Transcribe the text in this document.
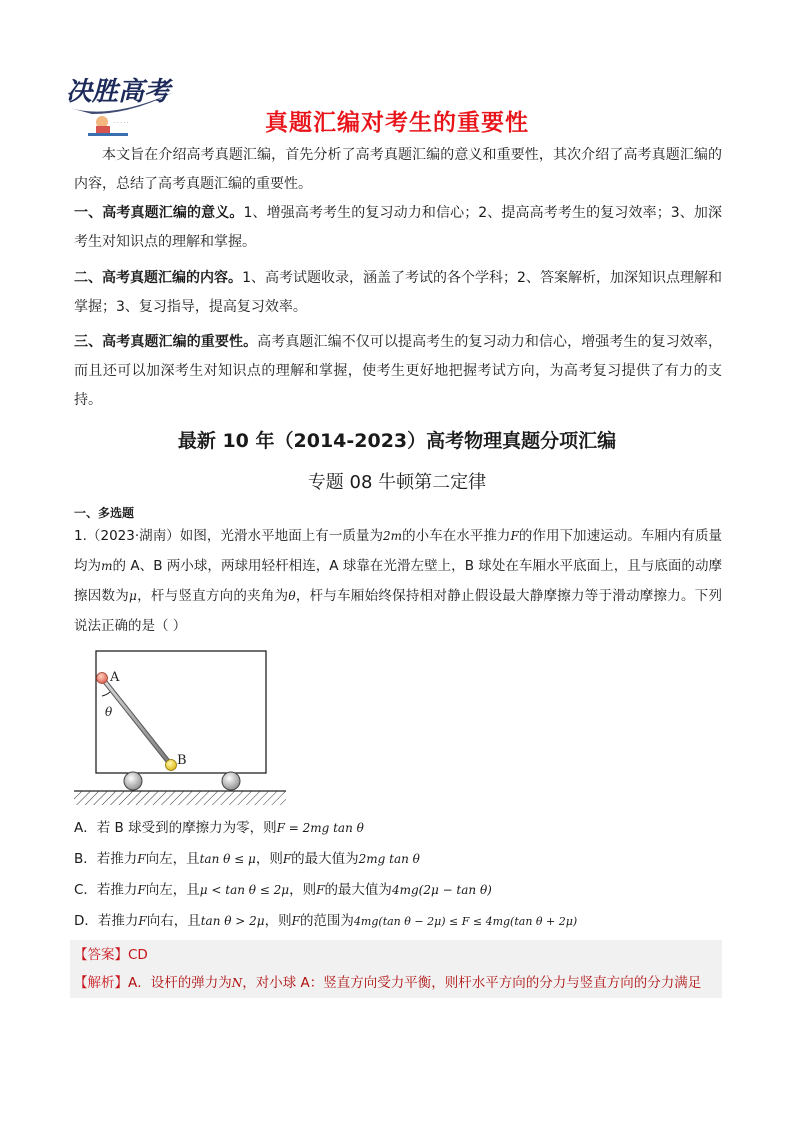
决胜高考
· · · · ·	真题汇编对考生的重要性
本文旨在介绍高考真题汇编，首先分析了高考真题汇编的意义和重要性，其次介绍了高考真题汇编的内容，总结了高考真题汇编的重要性。
一、高考真题汇编的意义。1、增强高考考生的复习动力和信心；2、提高高考考生的复习效率；3、加深考生对知识点的理解和掌握。
二、高考真题汇编的内容。1、高考试题收录，涵盖了考试的各个学科；2、答案解析，加深知识点理解和掌握；3、复习指导，提高复习效率。
三、高考真题汇编的重要性。高考真题汇编不仅可以提高考生的复习动力和信心，增强考生的复习效率，而且还可以加深考生对知识点的理解和掌握，使考生更好地把握考试方向，为高考复习提供了有力的支持。
最新 10 年（2014-2023）高考物理真题分项汇编
专题 08 牛顿第二定律
一、多选题
1.（2023·湖南）如图，光滑水平地面上有一质量为2m的小车在水平推力F的作用下加速运动。车厢内有质量均为m的 A、B 两小球，两球用轻杆相连，A 球靠在光滑左壁上，B 球处在车厢水平底面上，且与底面的动摩擦因数为μ，杆与竖直方向的夹角为θ，杆与车厢始终保持相对静止假设最大静摩擦力等于滑动摩擦力。下列说法正确的是（ ）
A
B
θ
A．若 B 球受到的摩擦力为零，则F = 2mg tan θ
B．若推力F向左，且tan θ ≤ μ，则F的最大值为2mg tan θ
C．若推力F向左，且μ < tan θ ≤ 2μ，则F的最大值为4mg(2μ − tan θ)
D．若推力F向右，且tan θ > 2μ，则F的范围为4mg(tan θ − 2μ) ≤ F ≤ 4mg(tan θ + 2μ)
【答案】CD
【解析】A．设杆的弹力为N，对小球 A：竖直方向受力平衡，则杆水平方向的分力与竖直方向的分力满足
